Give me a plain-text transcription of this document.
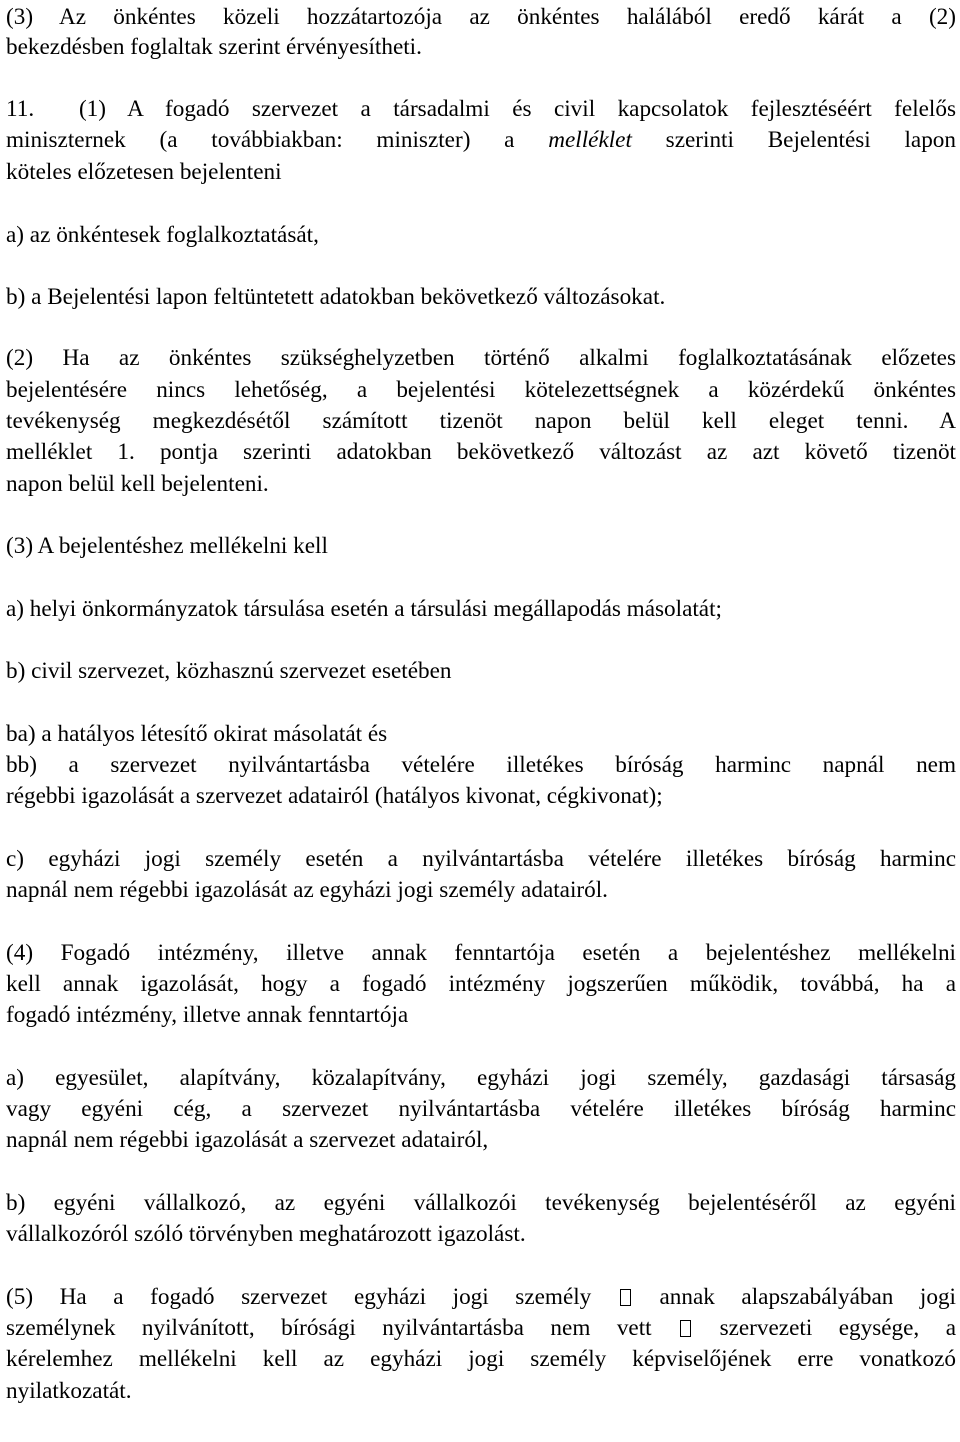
(3) Az önkéntes közeli hozzátartozója az önkéntes halálából eredő kárát a (2)
bekezdésben foglaltak szerint érvényesítheti.
11.  (1) A fogadó szervezet a társadalmi és civil kapcsolatok fejlesztéséért felelős
miniszternek (a továbbiakban: miniszter) a melléklet szerinti Bejelentési lapon
köteles előzetesen bejelenteni
a) az önkéntesek foglalkoztatását,
b) a Bejelentési lapon feltüntetett adatokban bekövetkező változásokat.
(2) Ha az önkéntes szükséghelyzetben történő alkalmi foglalkoztatásának előzetes
bejelentésére nincs lehetőség, a bejelentési kötelezettségnek a közérdekű önkéntes
tevékenység megkezdésétől számított tizenöt napon belül kell eleget tenni. A
melléklet 1. pontja szerinti adatokban bekövetkező változást az azt követő tizenöt
napon belül kell bejelenteni.
(3) A bejelentéshez mellékelni kell
a) helyi önkormányzatok társulása esetén a társulási megállapodás másolatát;
b) civil szervezet, közhasznú szervezet esetében
ba) a hatályos létesítő okirat másolatát és
bb) a szervezet nyilvántartásba vételére illetékes bíróság harminc napnál nem
régebbi igazolását a szervezet adatairól (hatályos kivonat, cégkivonat);
c) egyházi jogi személy esetén a nyilvántartásba vételére illetékes bíróság harminc
napnál nem régebbi igazolását az egyházi jogi személy adatairól.
(4) Fogadó intézmény, illetve annak fenntartója esetén a bejelentéshez mellékelni
kell annak igazolását, hogy a fogadó intézmény jogszerűen működik, továbbá, ha a
fogadó intézmény, illetve annak fenntartója
a) egyesület, alapítvány, közalapítvány, egyházi jogi személy, gazdasági társaság
vagy egyéni cég, a szervezet nyilvántartásba vételére illetékes bíróság harminc
napnál nem régebbi igazolását a szervezet adatairól,
b) egyéni vállalkozó, az egyéni vállalkozói tevékenység bejelentéséről az egyéni
vállalkozóról szóló törvényben meghatározott igazolást.
(5) Ha a fogadó szervezet egyházi jogi személy  annak alapszabályában jogi
személynek nyilvánított, bírósági nyilvántartásba nem vett  szervezeti egysége, a
kérelemhez mellékelni kell az egyházi jogi személy képviselőjének erre vonatkozó
nyilatkozatát.
